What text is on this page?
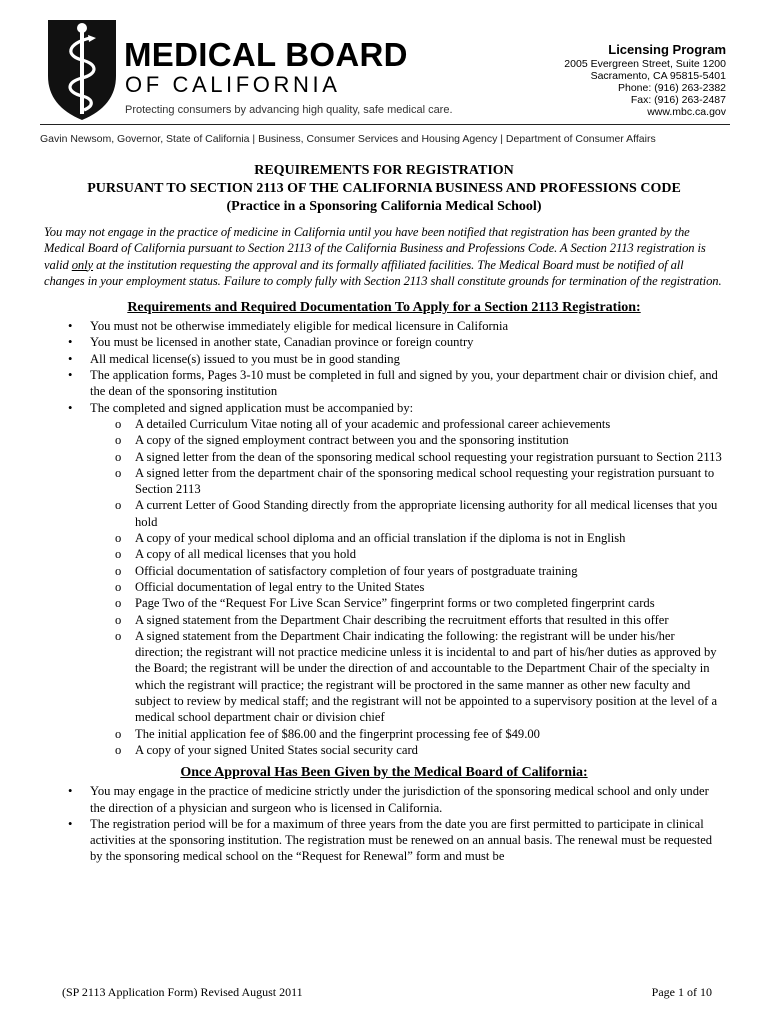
MEDICAL BOARD
OF CALIFORNIA
Protecting consumers by advancing high quality, safe medical care.
Licensing Program
2005 Evergreen Street, Suite 1200
Sacramento, CA 95815-5401
Phone: (916) 263-2382
Fax: (916) 263-2487
www.mbc.ca.gov
Gavin Newsom, Governor, State of California | Business, Consumer Services and Housing Agency | Department of Consumer Affairs

REQUIREMENTS FOR REGISTRATION

PURSUANT TO SECTION 2113 OF THE CALIFORNIA BUSINESS AND PROFESSIONS CODE

(Practice in a Sponsoring California Medical School)

You may not engage in the practice of medicine in California until you have been notified that registration has been granted by the Medical Board of California pursuant to Section 2113 of the California Business and Professions Code. A Section 2113 registration is valid only at the institution requesting the approval and its formally affiliated facilities. The Medical Board must be notified of all changes in your employment status. Failure to comply fully with Section 2113 shall constitute grounds for termination of the registration.

Requirements and Required Documentation To Apply for a Section 2113 Registration:
• You must not be otherwise immediately eligible for medical licensure in California
• You must be licensed in another state, Canadian province or foreign country
• All medical license(s) issued to you must be in good standing
• The application forms, Pages 3-10 must be completed in full and signed by you, your department chair or division chief, and the dean of the sponsoring institution
• The completed and signed application must be accompanied by:
o A detailed Curriculum Vitae noting all of your academic and professional career achievements
o A copy of the signed employment contract between you and the sponsoring institution
o A signed letter from the dean of the sponsoring medical school requesting your registration pursuant to Section 2113
o A signed letter from the department chair of the sponsoring medical school requesting your registration pursuant to Section 2113
o A current Letter of Good Standing directly from the appropriate licensing authority for all medical licenses that you hold
o A copy of your medical school diploma and an official translation if the diploma is not in English
o A copy of all medical licenses that you hold
o Official documentation of satisfactory completion of four years of postgraduate training
o Official documentation of legal entry to the United States
o Page Two of the “Request For Live Scan Service” fingerprint forms or two completed fingerprint cards
o A signed statement from the Department Chair describing the recruitment efforts that resulted in this offer
o A signed statement from the Department Chair indicating the following: the registrant will be under his/her direction; the registrant will not practice medicine unless it is incidental to and part of his/her duties as approved by the Board; the registrant will be under the direction of and accountable to the Department Chair of the specialty in which the registrant will practice; the registrant will be proctored in the same manner as other new faculty and subject to review by medical staff; and the registrant will not be appointed to a supervisory position at the level of a medical school department chair or division chief
o The initial application fee of $86.00 and the fingerprint processing fee of $49.00
o A copy of your signed United States social security card
Once Approval Has Been Given by the Medical Board of California:
• You may engage in the practice of medicine strictly under the jurisdiction of the sponsoring medical school and only under the direction of a physician and surgeon who is licensed in California.
• The registration period will be for a maximum of three years from the date you are first permitted to participate in clinical activities at the sponsoring institution. The registration must be renewed on an annual basis. The renewal must be requested by the sponsoring medical school on the “Request for Renewal” form and must be
(SP 2113 Application Form) Revised August 2011	Page 1 of 10
